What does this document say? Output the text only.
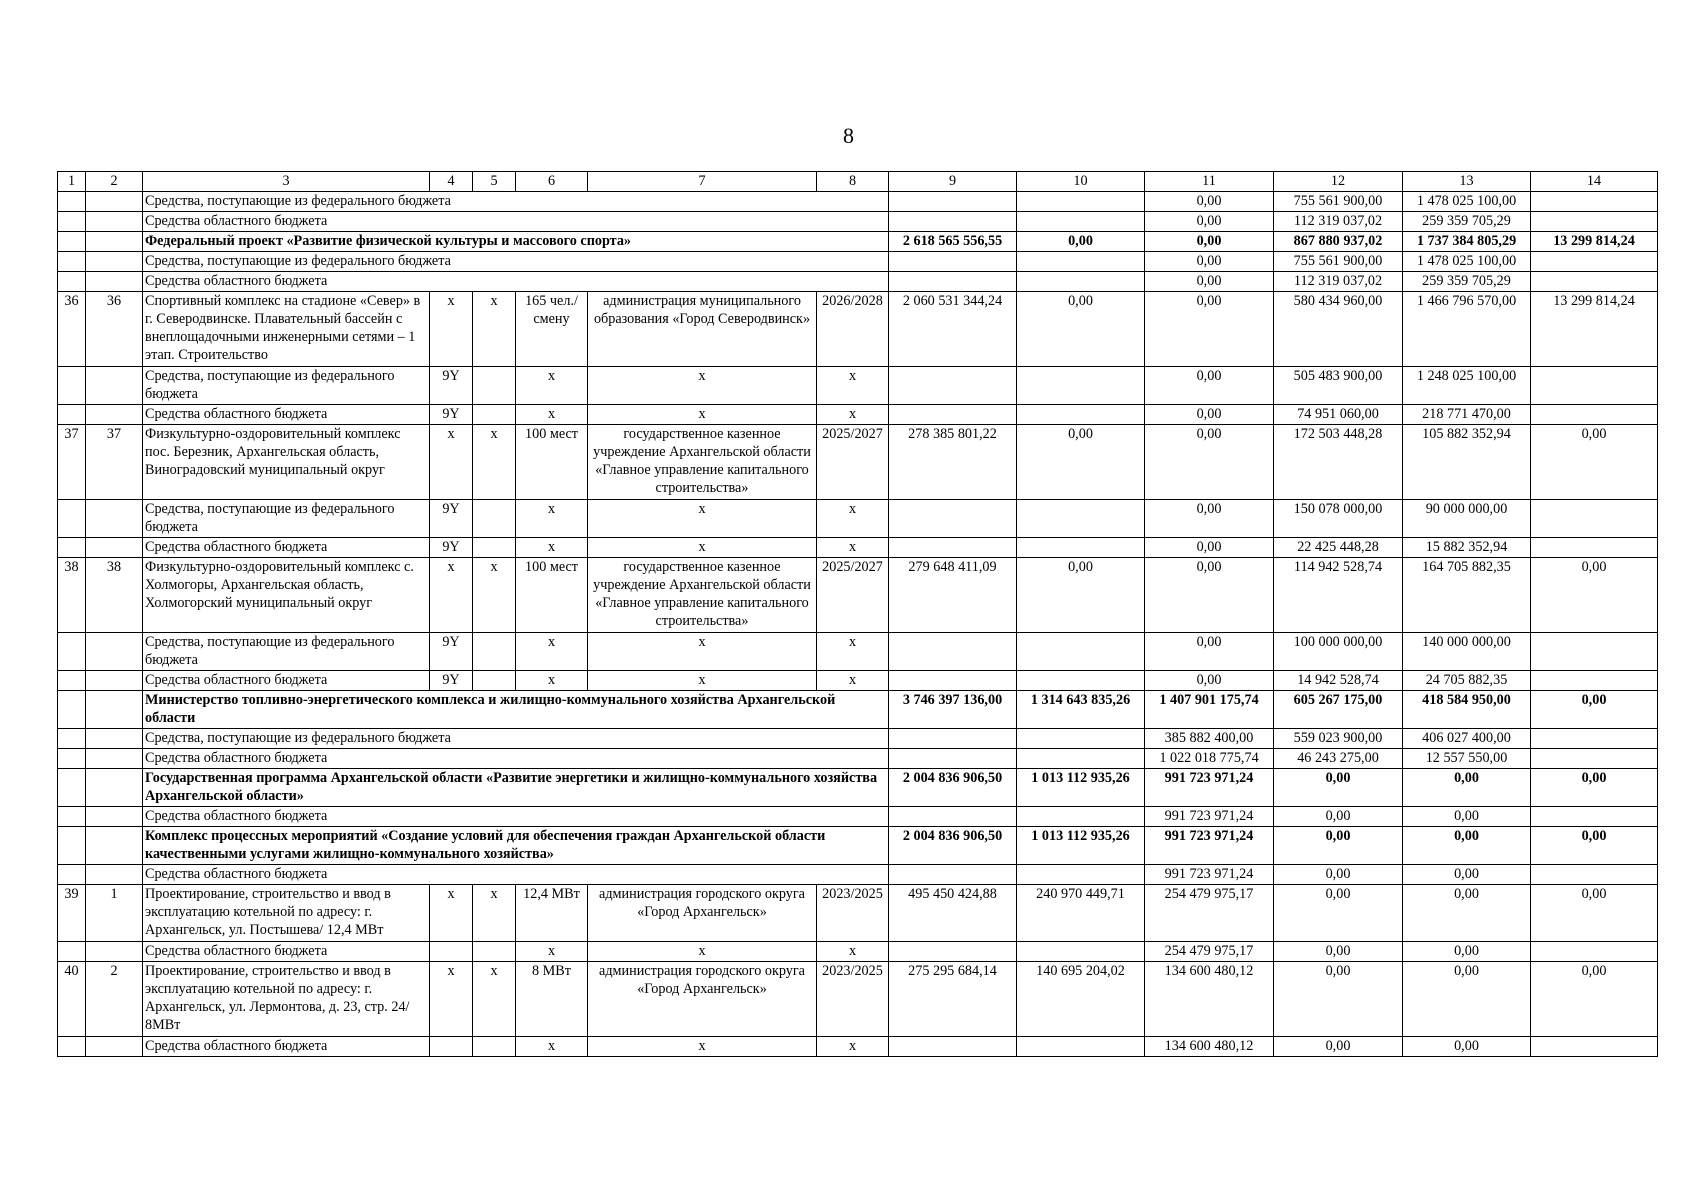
8
1	2	3	4	5	6	7	8	9	10	11	12	13	14
		Средства, поступающие из федерального бюджета								0,00	755 561 900,00	1 478 025 100,00	
		Средства областного бюджета								0,00	112 319 037,02	259 359 705,29	
		Федеральный проект «Развитие физической культуры и массового спорта»						2 618 565 556,55	0,00	0,00	867 880 937,02	1 737 384 805,29	13 299 814,24
		Средства, поступающие из федерального бюджета								0,00	755 561 900,00	1 478 025 100,00	
		Средства областного бюджета								0,00	112 319 037,02	259 359 705,29	
36	36	Спортивный комплекс на стадионе «Север» в г. Северодвинске. Плавательный бассейн с внеплощадочными инженерными сетями – 1 этап. Строительство	х	х	165 чел./ смену	администрация муниципального образования «Город Северодвинск»	2026/2028	2 060 531 344,24	0,00	0,00	580 434 960,00	1 466 796 570,00	13 299 814,24
		Средства, поступающие из федерального бюджета	9Y		х	х	х			0,00	505 483 900,00	1 248 025 100,00	
		Средства областного бюджета	9Y		х	х	х			0,00	74 951 060,00	218 771 470,00	
37	37	Физкультурно-оздоровительный комплекс пос. Березник, Архангельская область, Виноградовский муниципальный округ	х	х	100 мест	государственное казенное учреждение Архангельской области «Главное управление капитального строительства»	2025/2027	278 385 801,22	0,00	0,00	172 503 448,28	105 882 352,94	0,00
		Средства, поступающие из федерального бюджета	9Y		х	х	х			0,00	150 078 000,00	90 000 000,00	
		Средства областного бюджета	9Y		х	х	х			0,00	22 425 448,28	15 882 352,94	
38	38	Физкультурно-оздоровительный комплекс с. Холмогоры, Архангельская область, Холмогорский муниципальный округ	х	х	100 мест	государственное казенное учреждение Архангельской области «Главное управление капитального строительства»	2025/2027	279 648 411,09	0,00	0,00	114 942 528,74	164 705 882,35	0,00
		Средства, поступающие из федерального бюджета	9Y		х	х	х			0,00	100 000 000,00	140 000 000,00	
		Средства областного бюджета	9Y		х	х	х			0,00	14 942 528,74	24 705 882,35	
		Министерство топливно-энергетического комплекса и жилищно-коммунального хозяйства Архангельской области						3 746 397 136,00	1 314 643 835,26	1 407 901 175,74	605 267 175,00	418 584 950,00	0,00
		Средства, поступающие из федерального бюджета								385 882 400,00	559 023 900,00	406 027 400,00	
		Средства областного бюджета								1 022 018 775,74	46 243 275,00	12 557 550,00	
		Государственная программа Архангельской области «Развитие энергетики и жилищно-коммунального хозяйства Архангельской области»						2 004 836 906,50	1 013 112 935,26	991 723 971,24	0,00	0,00	0,00
		Средства областного бюджета								991 723 971,24	0,00	0,00	
		Комплекс процессных мероприятий «Создание условий для обеспечения граждан Архангельской области качественными услугами жилищно-коммунального хозяйства»						2 004 836 906,50	1 013 112 935,26	991 723 971,24	0,00	0,00	0,00
		Средства областного бюджета								991 723 971,24	0,00	0,00	
39	1	Проектирование, строительство и ввод в эксплуатацию котельной по адресу: г. Архангельск, ул. Постышева/ 12,4 МВт	х	х	12,4 МВт	администрация городского округа «Город Архангельск»	2023/2025	495 450 424,88	240 970 449,71	254 479 975,17	0,00	0,00	0,00
		Средства областного бюджета			х	х	х			254 479 975,17	0,00	0,00	
40	2	Проектирование, строительство и ввод в эксплуатацию котельной по адресу: г. Архангельск, ул. Лермонтова, д. 23, стр. 24/ 8МВт	х	х	8 МВт	администрация городского округа «Город Архангельск»	2023/2025	275 295 684,14	140 695 204,02	134 600 480,12	0,00	0,00	0,00
		Средства областного бюджета			х	х	х			134 600 480,12	0,00	0,00	
